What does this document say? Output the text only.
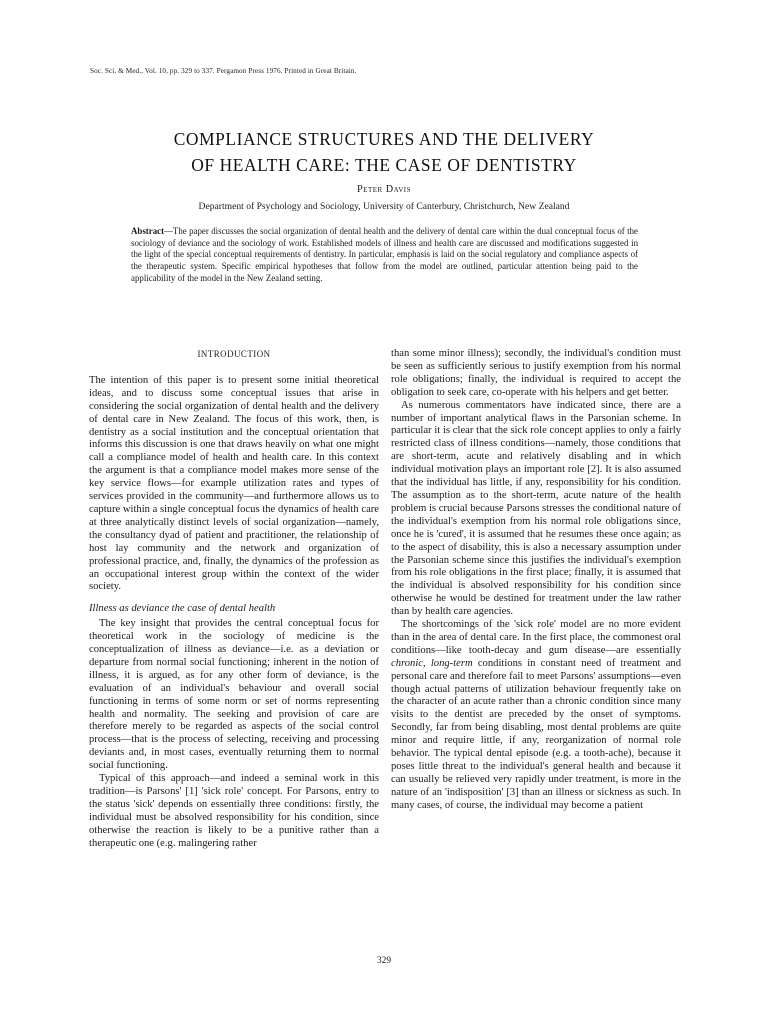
Soc. Sci. & Med., Vol. 10, pp. 329 to 337. Pergamon Press 1976. Printed in Great Britain.
COMPLIANCE STRUCTURES AND THE DELIVERY
OF HEALTH CARE: THE CASE OF DENTISTRY
Peter Davis
Department of Psychology and Sociology, University of Canterbury, Christchurch, New Zealand
Abstract—The paper discusses the social organization of dental health and the delivery of dental care within the dual conceptual focus of the sociology of deviance and the sociology of work. Established models of illness and health care are discussed and modifications suggested in the light of the special conceptual requirements of dentistry. In particular, emphasis is laid on the social regulatory and compliance aspects of the therapeutic system. Specific empirical hypotheses that follow from the model are outlined, particular attention being paid to the applicability of the model in the New Zealand setting.
INTRODUCTION

The intention of this paper is to present some initial theoretical ideas, and to discuss some conceptual issues that arise in considering the social organization of dental health and the delivery of dental care in New Zealand. The focus of this work, then, is dentistry as a social institution and the conceptual orientation that informs this discussion is one that draws heavily on what one might call a compliance model of health and health care. In this context the argument is that a compliance model makes more sense of the key service flows—for example utilization rates and types of services provided in the community—and furthermore allows us to capture within a single conceptual focus the dynamics of health care at three analytically distinct levels of social organization—namely, the consultancy dyad of patient and practitioner, the relationship of host lay community and the network and organization of professional practice, and, finally, the dynamics of the profession as an occupational interest group within the context of the wider society.

Illness as deviance the case of dental health

The key insight that provides the central conceptual focus for theoretical work in the sociology of medicine is the conceptualization of illness as deviance—i.e. as a deviation or departure from normal social functioning; inherent in the notion of illness, it is argued, as for any other form of deviance, is the evaluation of an individual's behaviour and overall social functioning in terms of some norm or set of norms representing health and normality. The seeking and provision of care are therefore merely to be regarded as aspects of the social control process—that is the process of selecting, receiving and processing deviants and, in most cases, eventually returning them to normal social functioning.

Typical of this approach—and indeed a seminal work in this tradition—is Parsons' [1] 'sick role' concept. For Parsons, entry to the status 'sick' depends on essentially three conditions: firstly, the individual must be absolved responsibility for his condition, since otherwise the reaction is likely to be a punitive rather than a therapeutic one (e.g. malingering rather

than some minor illness); secondly, the individual's condition must be seen as sufficiently serious to justify exemption from his normal role obligations; finally, the individual is required to accept the obligation to seek care, co-operate with his helpers and get better.

As numerous commentators have indicated since, there are a number of important analytical flaws in the Parsonian scheme. In particular it is clear that the sick role concept applies to only a fairly restricted class of illness conditions—namely, those conditions that are short-term, acute and relatively disabling and in which individual motivation plays an important role [2]. It is also assumed that the individual has little, if any, responsibility for his condition. The assumption as to the short-term, acute nature of the health problem is crucial because Parsons stresses the conditional nature of the individual's exemption from his normal role obligations since, once he is 'cured', it is assumed that he resumes these once again; as to the aspect of disability, this is also a necessary assumption under the Parsonian scheme since this justifies the individual's exemption from his role obligations in the first place; finally, it is assumed that the individual is absolved responsibility for his condition since otherwise he would be destined for treatment under the law rather than by health care agencies.

The shortcomings of the 'sick role' model are no more evident than in the area of dental care. In the first place, the commonest oral conditions—like tooth-decay and gum disease—are essentially chronic, long-term conditions in constant need of treatment and personal care and therefore fail to meet Parsons' assumptions—even though actual patterns of utilization behaviour frequently take on the character of an acute rather than a chronic condition since many visits to the dentist are preceded by the onset of symptoms. Secondly, far from being disabling, most dental problems are quite minor and require little, if any, reorganization of normal role behavior. The typical dental episode (e.g. a tooth-ache), because it poses little threat to the individual's general health and because it can usually be relieved very rapidly under treatment, is more in the nature of an 'indisposition' [3] than an illness or sickness as such. In many cases, of course, the individual may become a patient

329
